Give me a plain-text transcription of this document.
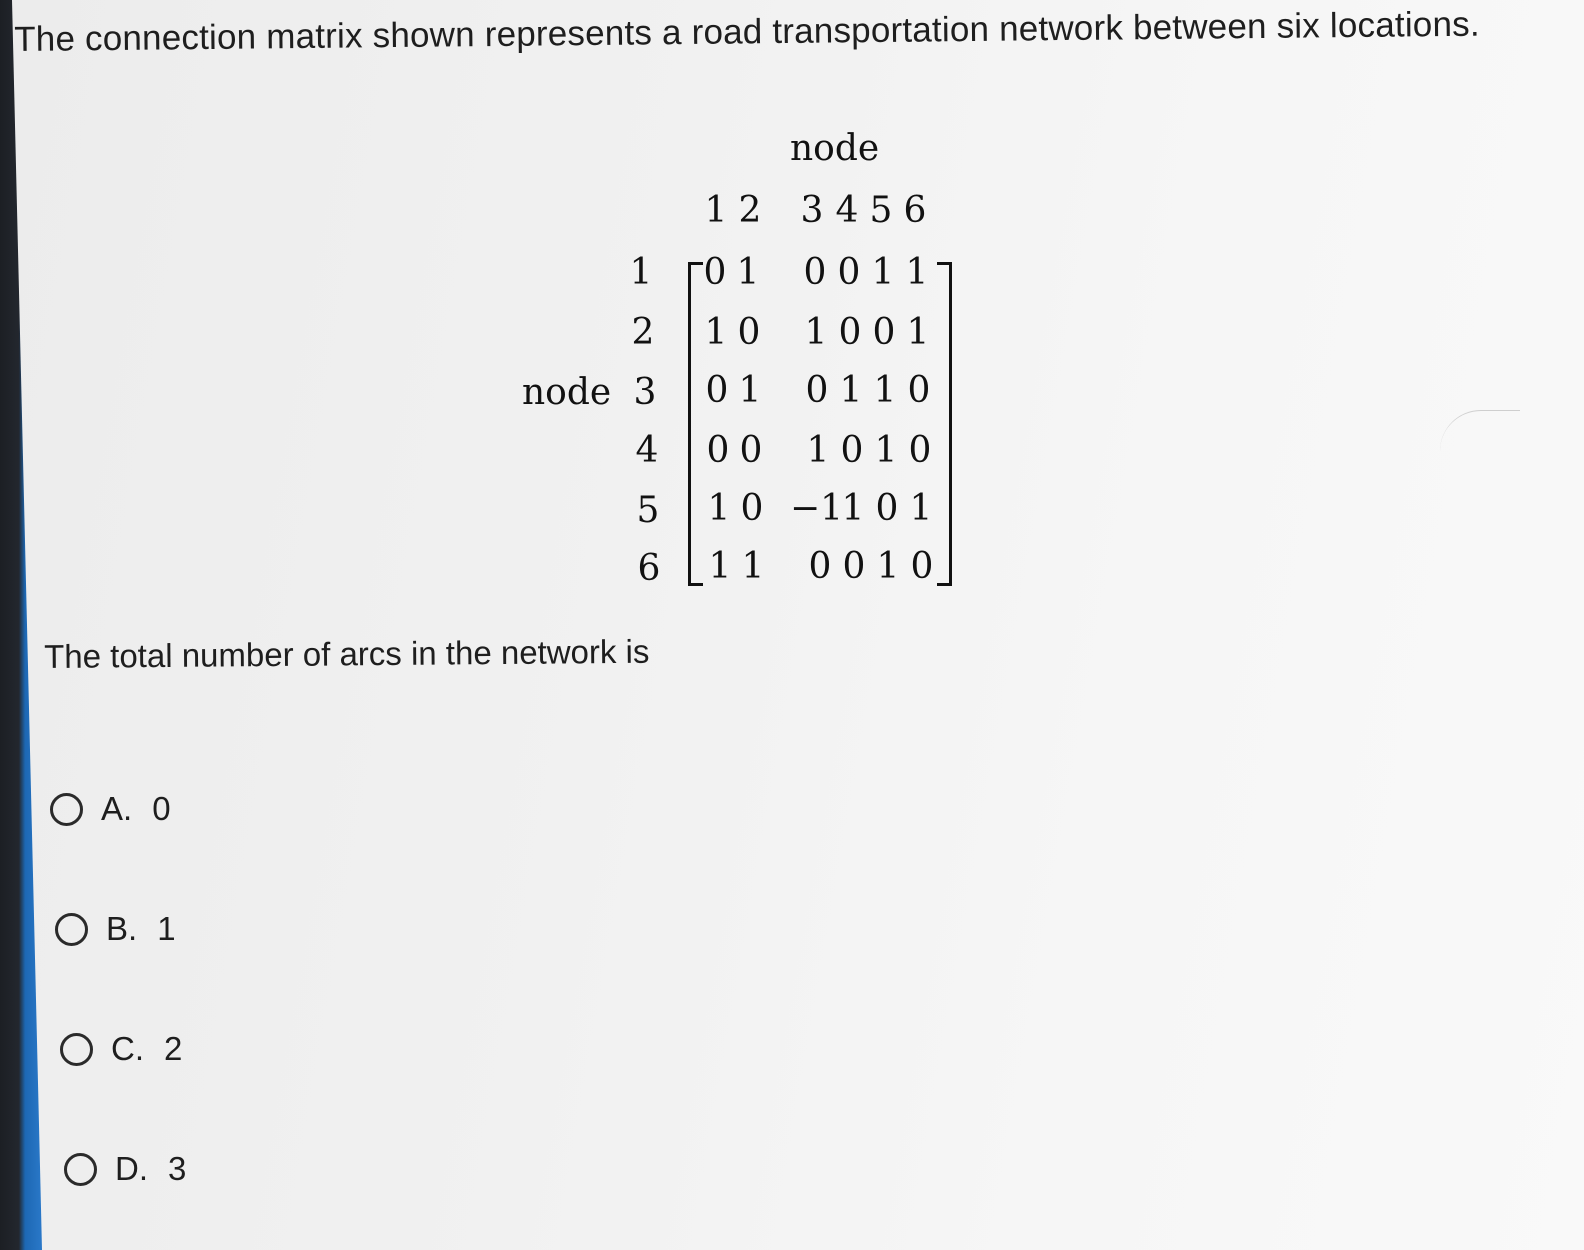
The connection matrix shown represents a road transportation network between six locations.
node
node
1 2 3 4 5 6
1
2
3
4
5
6
0 1 0 0 1 1
1 0 1 0 0 1
0 1 0 1 1 0
0 0 1 0 1 0
1 0 −1
1 0 1
1 1 0 0 1 0
The total number of arcs in the network is
A. 0
B. 1
C. 2
D. 3
